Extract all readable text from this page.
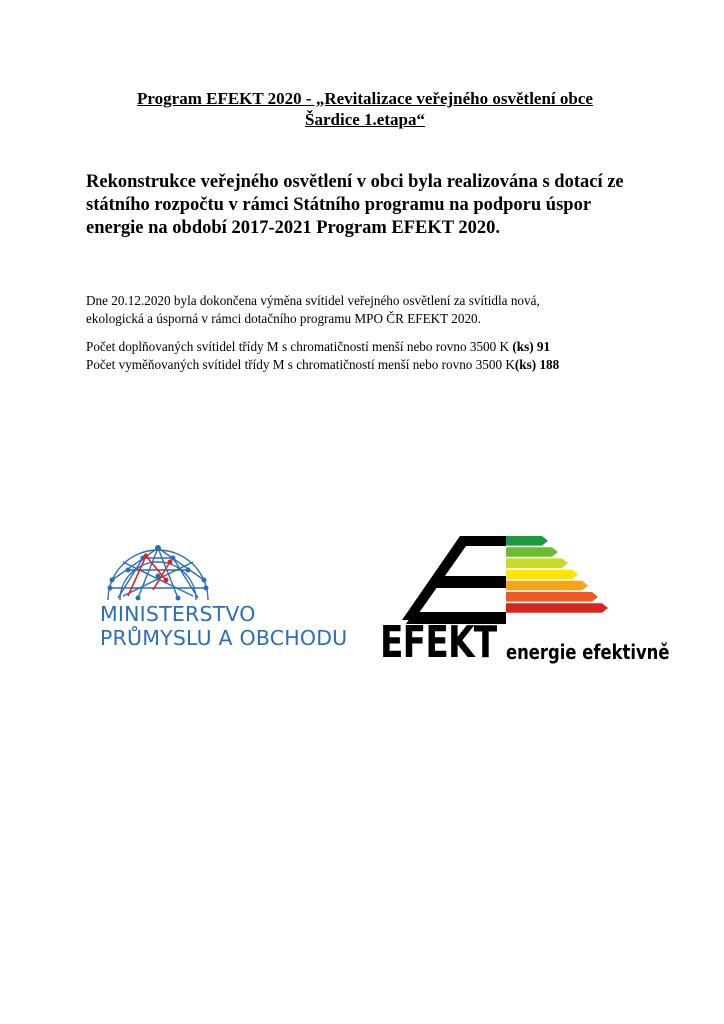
Program EFEKT 2020 - „Revitalizace veřejného osvětlení obce
Šardice 1.etapa“
Rekonstrukce veřejného osvětlení v obci byla realizována s dotací ze státního rozpočtu v rámci Státního programu na podporu úspor energie na období 2017-2021 Program EFEKT 2020.
Dne 20.12.2020 byla dokončena výměna svítidel veřejného osvětlení za svítidla nová,
ekologická a úsporná v rámci dotačního programu MPO ČR EFEKT 2020.
Počet doplňovaných svítidel třídy M s chromatičností menší nebo rovno 3500 K (ks) 91
Počet vyměňovaných svítidel třídy M s chromatičností menší nebo rovno 3500 K(ks) 188
MINISTERSTVO
PRŮMYSLU A OBCHODU EFEKT energie efektivně
